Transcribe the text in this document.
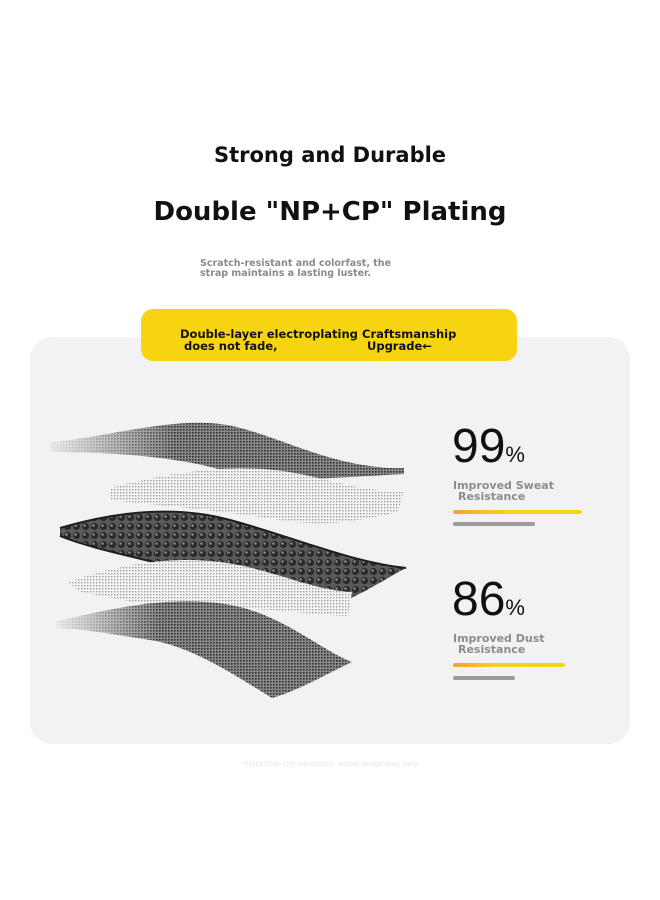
Strong and Durable
Double "NP+CP" Plating
Scratch-resistant and colorfast, the
strap maintains a lasting luster.
Double-layer electroplating
does not fade,
Craftsmanship
Upgrade←
99%
Improved Sweat
Resistance
86%
Improved Dust
Resistance
*Data from the laboratory, actual usage may vary
